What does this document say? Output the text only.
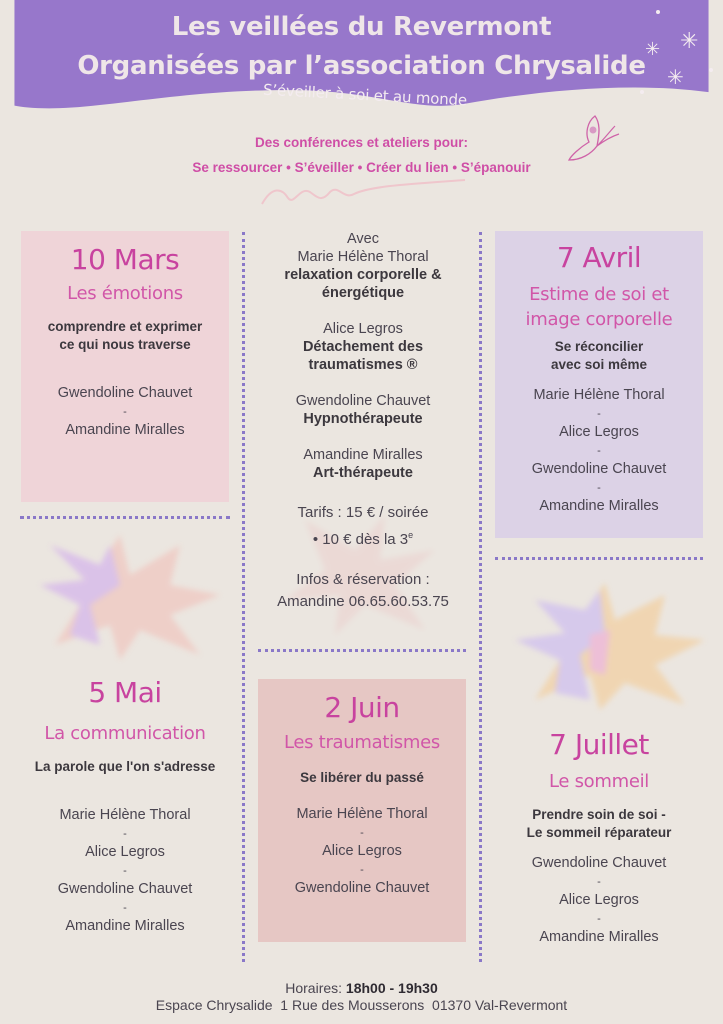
Les veillées du Revermont
Organisées par l’association Chrysalide
S’éveiller à soi et au monde
✳ ✳
✳
Des conférences et ateliers pour:
Se ressourcer • S’éveiller • Créer du lien • S’épanouir
10 Mars
Les émotions
comprendre et exprimer
ce qui nous traverse
Gwendoline Chauvet
-
Amandine Miralles
Avec
Marie Hélène Thoral
relaxation corporelle &
énergétique
Alice Legros
Détachement des
traumatismes ®
Gwendoline Chauvet
Hypnothérapeute
Amandine Miralles
Art-thérapeute
Tarifs : 15 € / soirée
• 10 € dès la 3e
Infos & réservation :
Amandine 06.65.60.53.75
7 Avril
Estime de soi et
image corporelle
Se réconcilier
avec soi même
Marie Hélène Thoral
-
Alice Legros
-
Gwendoline Chauvet
-
Amandine Miralles
5 Mai
La communication
La parole que l'on s'adresse
Marie Hélène Thoral
-
Alice Legros
-
Gwendoline Chauvet
-
Amandine Miralles
2 Juin
Les traumatismes
Se libérer du passé
Marie Hélène Thoral
-
Alice Legros
-
Gwendoline Chauvet
7 Juillet
Le sommeil
Prendre soin de soi -
Le sommeil réparateur
Gwendoline Chauvet
-
Alice Legros
-
Amandine Miralles
Horaires: 18h00 - 19h30
Espace Chrysalide  1 Rue des Mousserons  01370 Val-Revermont
